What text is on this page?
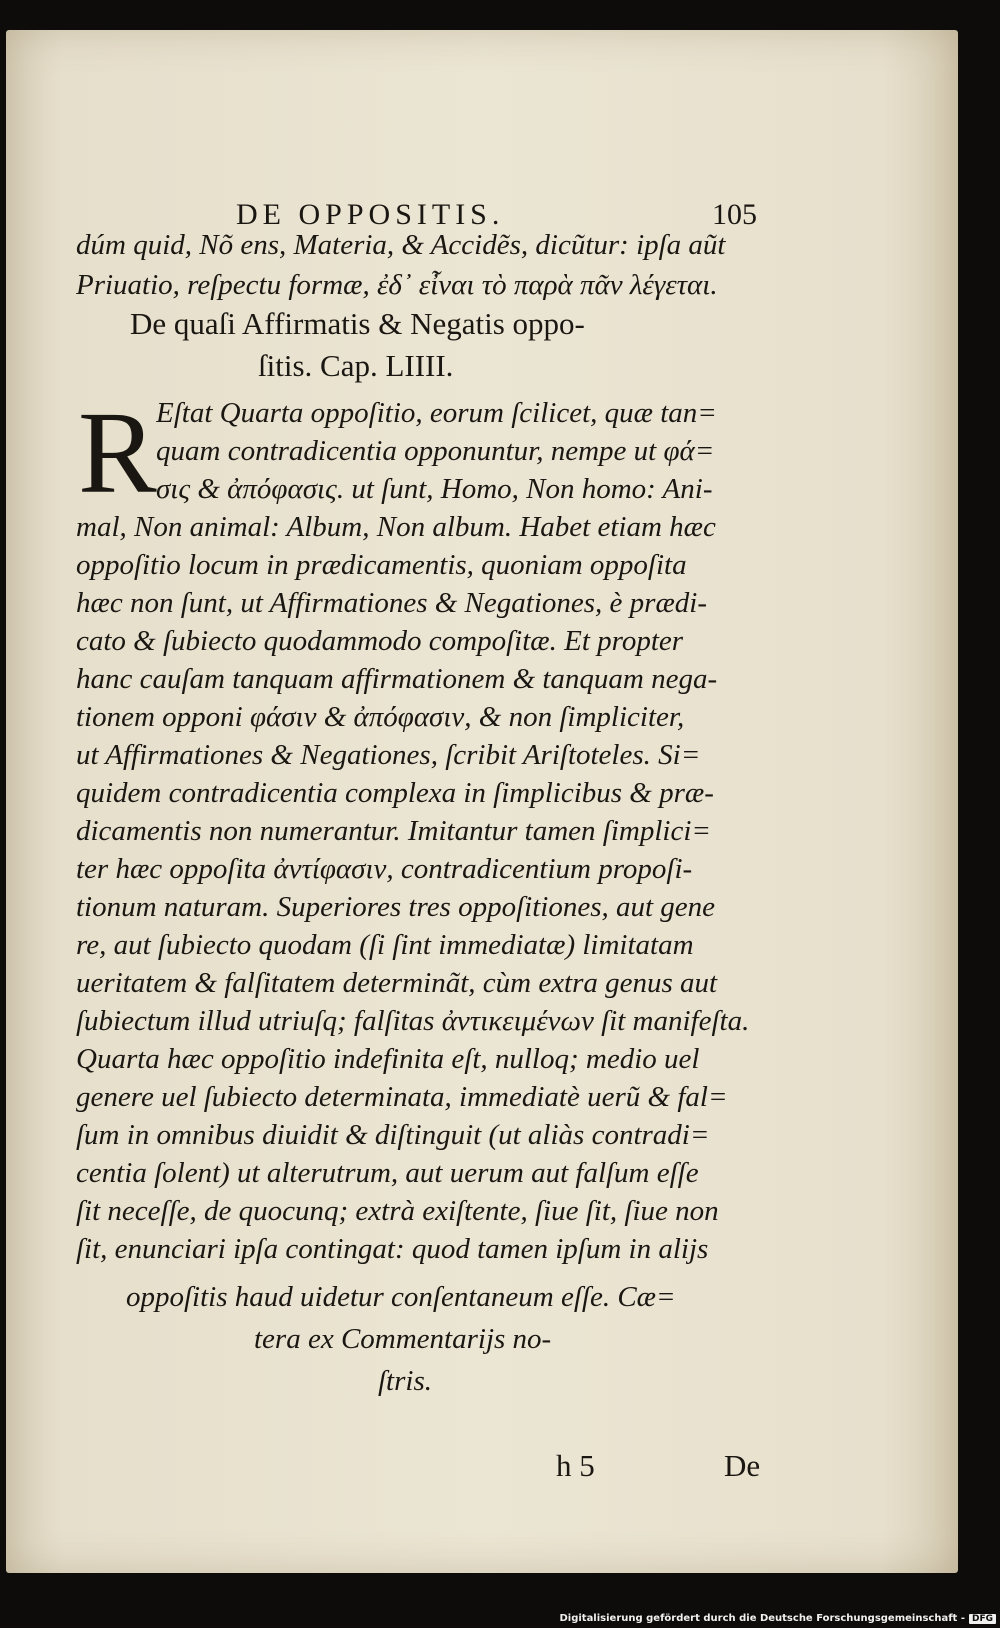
DE OPPOSITIS.	105
dúm quid, Nõ ens, Materia, & Accidẽs, dicũtur: ipſa aũt
Priuatio, reſpectu formæ, ἐδ᾽ εἶναι τὸ παρὰ πᾶν λέγεται.
De quaſi Affirmatis & Negatis oppo‐
ſitis. Cap. LIIII.
R Eſtat Quarta oppoſitio, eorum ſcilicet, quæ tan=
quam contradicentia opponuntur, nempe ut φά=
σις & ἀπόφασις. ut ſunt, Homo, Non homo: Ani‐
mal, Non animal: Album, Non album. Habet etiam hæc
oppoſitio locum in prædicamentis, quoniam oppoſita
hæc non ſunt, ut Affirmationes & Negationes, è prædi‐
cato & ſubiecto quodammodo compoſitæ. Et propter
hanc cauſam tanquam affirmationem & tanquam nega‐
tionem opponi φάσιν & ἀπόφασιν, & non ſimpliciter,
ut Affirmationes & Negationes, ſcribit Ariſtoteles. Si=
quidem contradicentia complexa in ſimplicibus & præ‐
dicamentis non numerantur. Imitantur tamen ſimplici=
ter hæc oppoſita ἀντίφασιν, contradicentium propoſi‐
tionum naturam. Superiores tres oppoſitiones, aut gene
re, aut ſubiecto quodam (ſi ſint immediatæ) limitatam
ueritatem & falſitatem determinãt, cùm extra genus aut
ſubiectum illud utriuſq; falſitas ἀντικειμένων ſit manifeſta.
Quarta hæc oppoſitio indefinita eſt, nulloq; medio uel
genere uel ſubiecto determinata, immediatè uerũ & fal=
ſum in omnibus diuidit & diſtinguit (ut aliàs contradi=
centia ſolent) ut alterutrum, aut uerum aut falſum eſſe
ſit neceſſe, de quocunq; extrà exiſtente, ſiue ſit, ſiue non
ſit, enunciari ipſa contingat: quod tamen ipſum in alijs
oppoſitis haud uidetur conſentaneum eſſe. Cæ=
tera ex Commentarijs no‐
ſtris.
h 5	De
Digitalisierung gefördert durch die Deutsche Forschungsgemeinschaft - DFG
